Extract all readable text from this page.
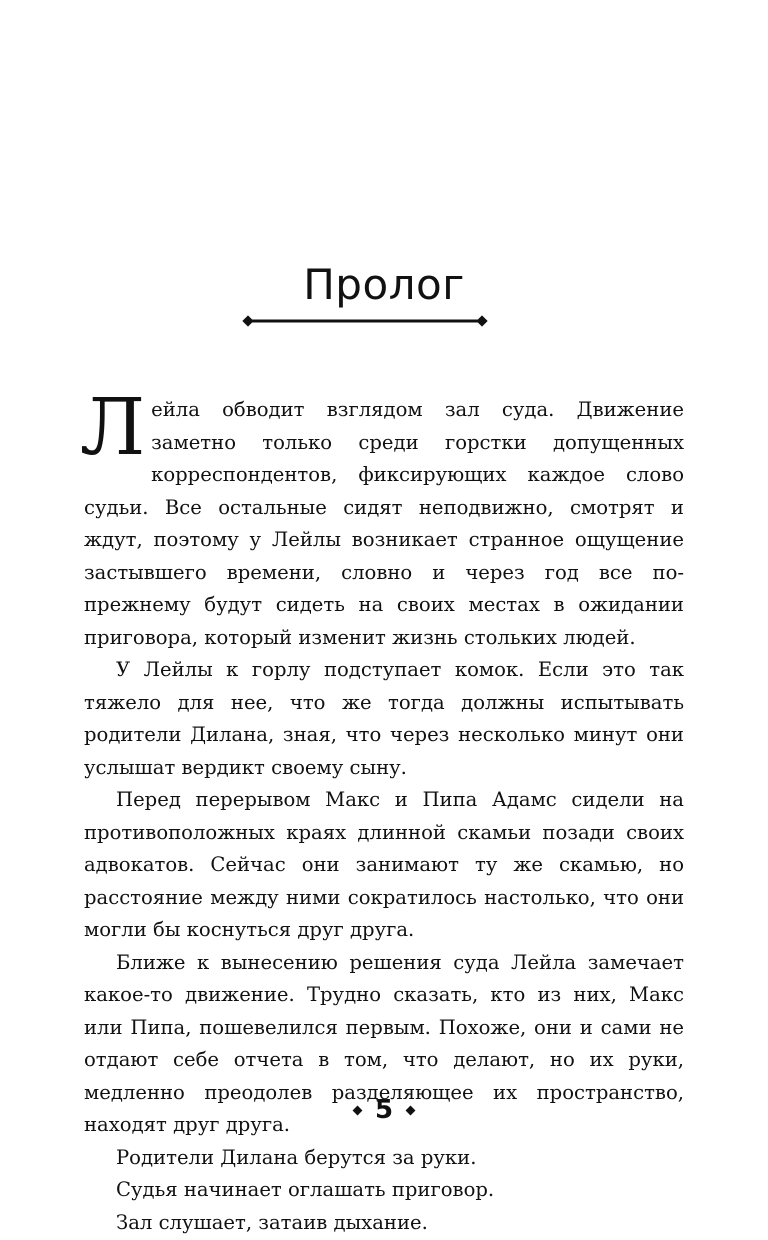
Пролог

Лейла обводит взглядом зал суда. Движение заметно только среди горстки допущенных корреспондентов, фиксирующих каждое слово судьи. Все остальные сидят неподвижно, смотрят и ждут, поэтому у Лейлы возникает странное ощущение застывшего времени, словно и через год все по-прежнему будут сидеть на своих местах в ожидании приговора, который изменит жизнь стольких людей.

У Лейлы к горлу подступает комок. Если это так тяжело для нее, что же тогда должны испытывать родители Дилана, зная, что через несколько минут они услышат вердикт своему сыну.

Перед перерывом Макс и Пипа Адамс сидели на противоположных краях длинной скамьи позади своих адвокатов. Сейчас они занимают ту же скамью, но расстояние между ними сократилось настолько, что они могли бы коснуться друг друга.

Ближе к вынесению решения суда Лейла замечает какое-то движение. Трудно сказать, кто из них, Макс или Пипа, пошевелился первым. Похоже, они и сами не отдают себе отчета в том, что делают, но их руки, медленно преодолев разделяющее их пространство, находят друг друга.

Родители Дилана берутся за руки.

Судья начинает оглашать приговор.

Зал слушает, затаив дыхание.

5
